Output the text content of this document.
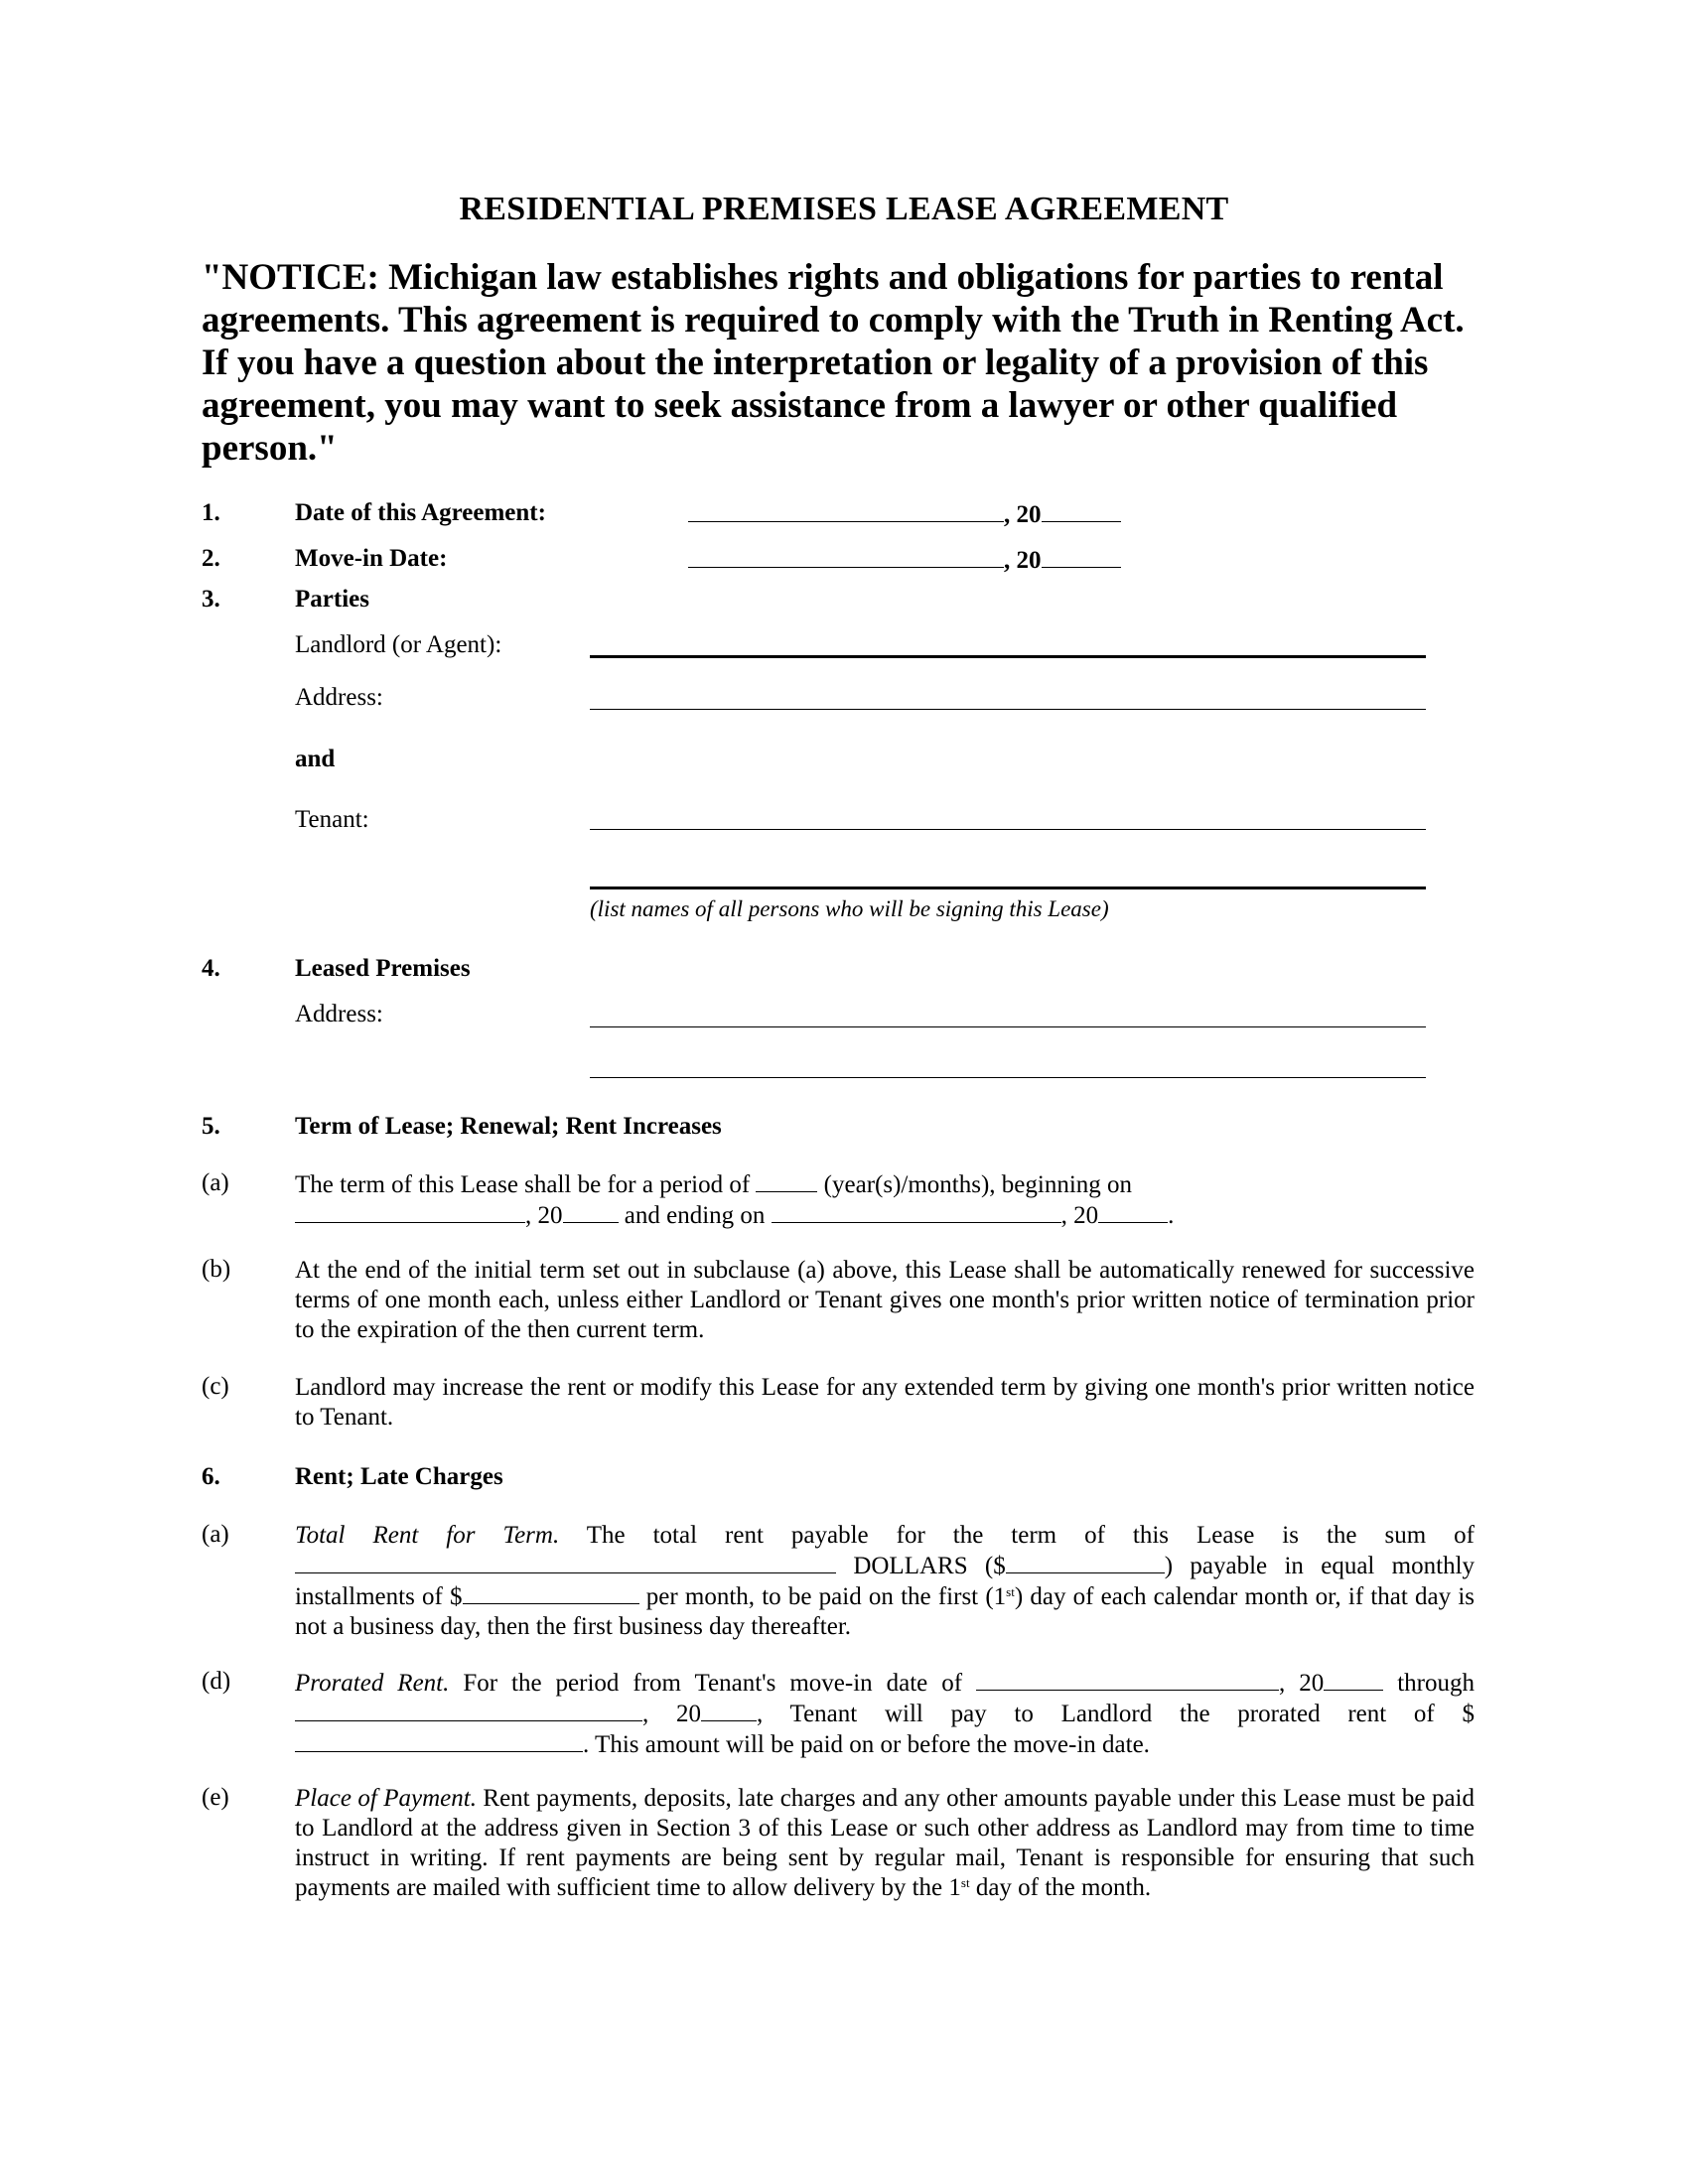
RESIDENTIAL PREMISES LEASE AGREEMENT
"NOTICE: Michigan law establishes rights and obligations for parties to rental agreements. This agreement is required to comply with the Truth in Renting Act. If you have a question about the interpretation or legality of a provision of this agreement, you may want to seek assistance from a lawyer or other qualified person."
1.	Date of this Agreement:	, 20
2.	Move-in Date:	, 20
3.	Parties
Landlord (or Agent):
Address:
and
Tenant:
(list names of all persons who will be signing this Lease)
4.	Leased Premises
Address:
5.	Term of Lease; Renewal; Rent Increases
(a)	The term of this Lease shall be for a period of	(year(s)/months), beginning on
, 20 and ending on	, 20	.
(b)	At the end of the initial term set out in subclause (a) above, this Lease shall be automatically renewed for successive terms of one month each, unless either Landlord or Tenant gives one month's prior written notice of termination prior to the expiration of the then current term.
(c)	Landlord may increase the rent or modify this Lease for any extended term by giving one month's prior written notice to Tenant.
6.	Rent; Late Charges
(a)	Total Rent for Term. The total rent payable for the term of this Lease is the sum of  DOLLARS ($	) payable in equal monthly installments of $	per month, to be paid on the first (1st) day of each calendar month or, if that day is not a business day, then the first business day thereafter.
(d)	Prorated Rent. For the period from Tenant's move-in date of	, 20	through , 20 , Tenant will pay to Landlord the prorated rent of $. This amount will be paid on or before the move-in date.
(e)	Place of Payment. Rent payments, deposits, late charges and any other amounts payable under this Lease must be paid to Landlord at the address given in Section 3 of this Lease or such other address as Landlord may from time to time instruct in writing. If rent payments are being sent by regular mail, Tenant is responsible for ensuring that such payments are mailed with sufficient time to allow delivery by the 1st day of the month.
